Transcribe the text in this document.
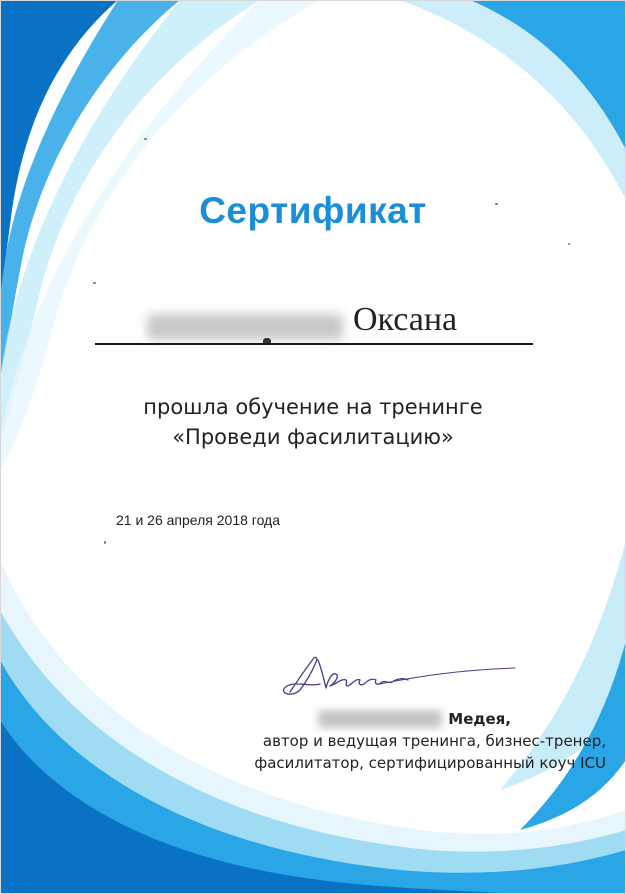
Сертификат
Оксана
прошла обучение на тренинге
«Проведи фасилитацию»
21 и 26 апреля 2018 года
Медея,
автор и ведущая тренинга, бизнес-тренер,
фасилитатор, сертифицированный коуч ICU
